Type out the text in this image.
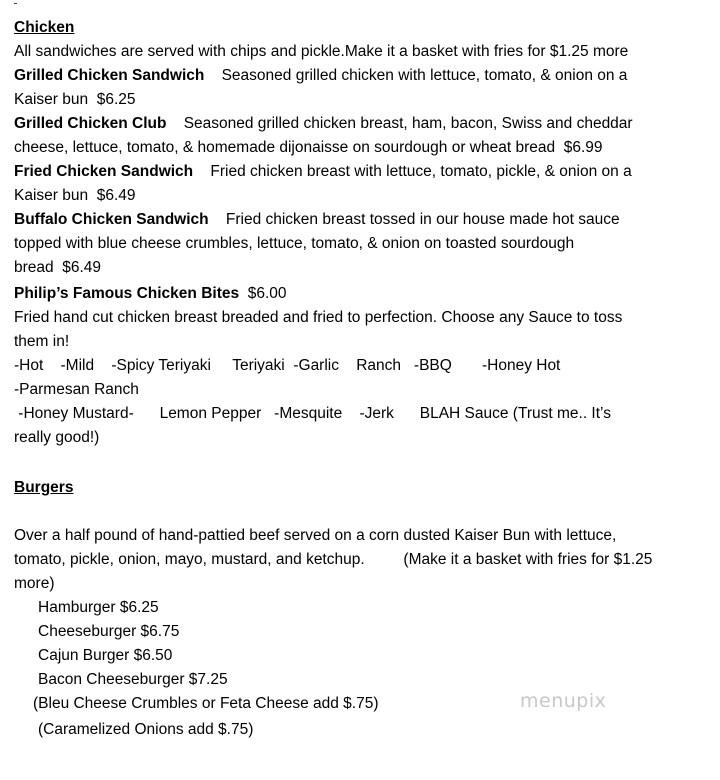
Chicken
All sandwiches are served with chips and pickle.Make it a basket with fries for $1.25 more
Grilled Chicken Sandwich Seasoned grilled chicken with lettuce, tomato, & onion on a
Kaiser bun  $6.25
Grilled Chicken Club Seasoned grilled chicken breast, ham, bacon, Swiss and cheddar
cheese, lettuce, tomato, & homemade dijonaisse on sourdough or wheat bread  $6.99
Fried Chicken Sandwich Fried chicken breast with lettuce, tomato, pickle, & onion on a
Kaiser bun  $6.49
Buffalo Chicken Sandwich Fried chicken breast tossed in our house made hot sauce
topped with blue cheese crumbles, lettuce, tomato, & onion on toasted sourdough
bread  $6.49
Philip’s Famous Chicken Bites $6.00
Fried hand cut chicken breast breaded and fried to perfection. Choose any Sauce to toss
them in!
-Hot    -Mild    -Spicy Teriyaki     Teriyaki  -Garlic    Ranch   -BBQ       -Honey Hot
-Parmesan Ranch
-Honey Mustard-      Lemon Pepper   -Mesquite    -Jerk      BLAH Sauce (Trust me.. It’s
really good!)
Burgers
Over a half pound of hand-pattied beef served on a corn dusted Kaiser Bun with lettuce,
tomato, pickle, onion, mayo, mustard, and ketchup.         (Make it a basket with fries for $1.25
more)
Hamburger $6.25
Cheeseburger $6.75
Cajun Burger $6.50
Bacon Cheeseburger $7.25
(Bleu Cheese Crumbles or Feta Cheese add $.75)
(Caramelized Onions add $.75)
menupix
